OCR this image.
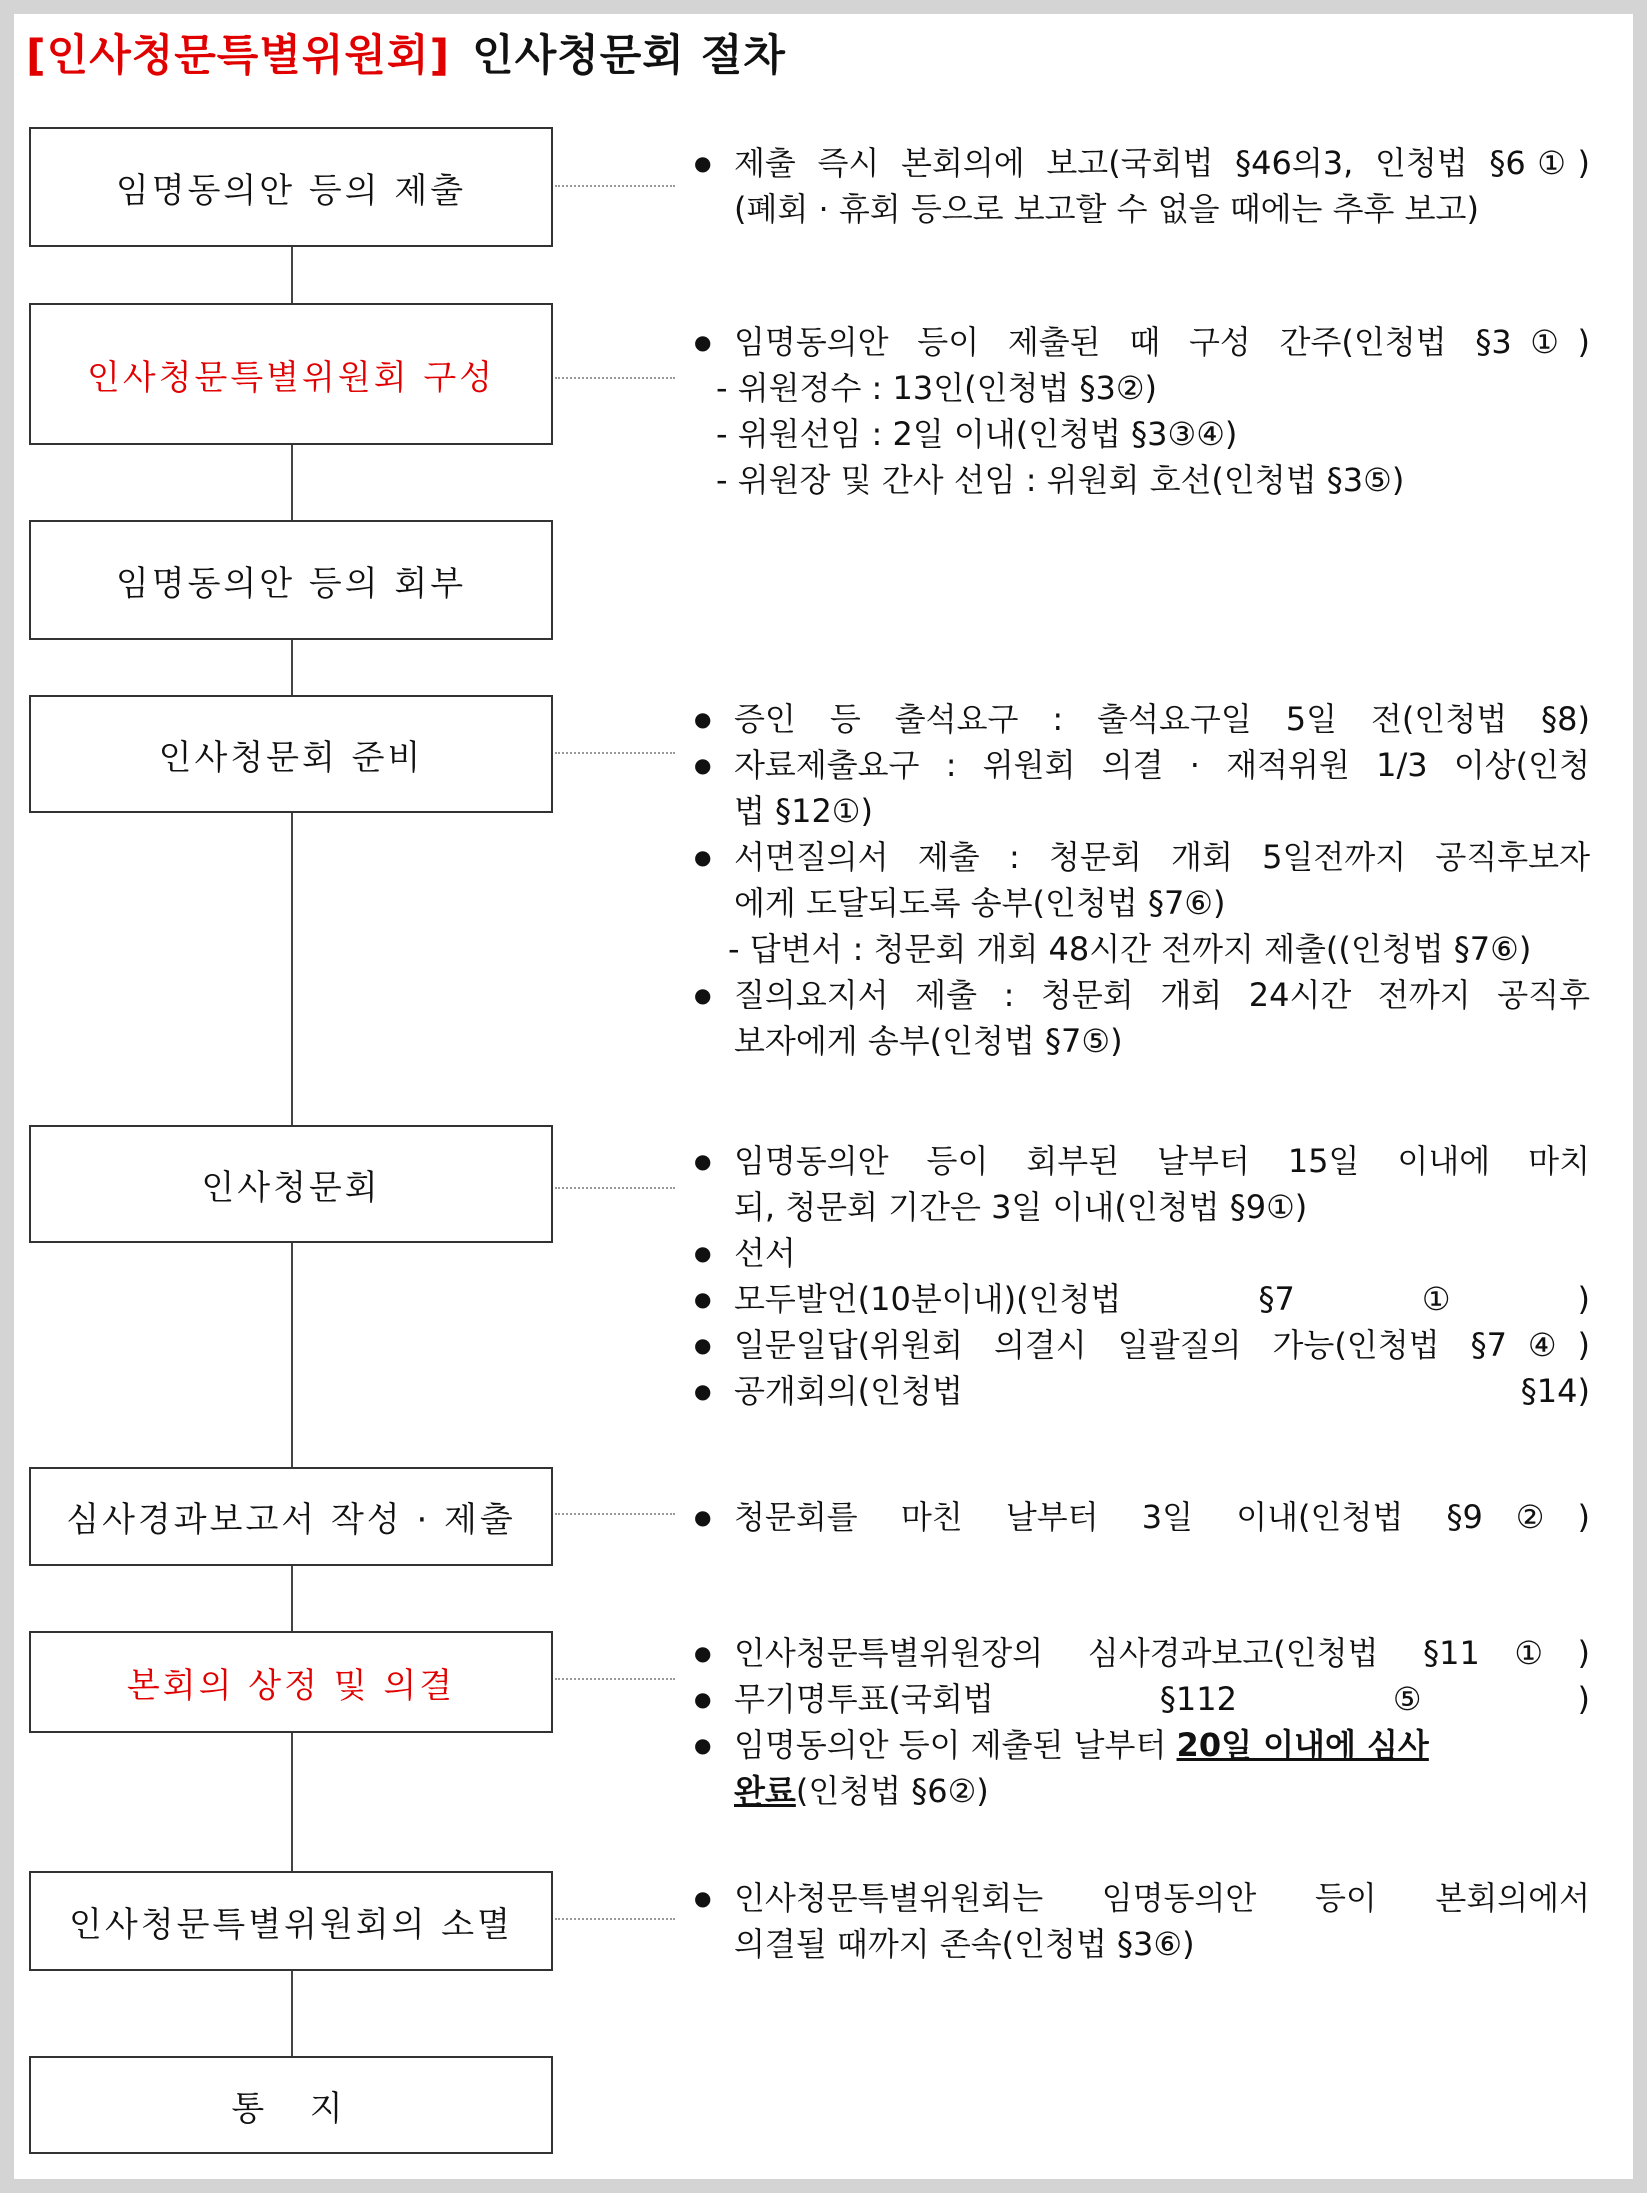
[인사청문특별위원회] 인사청문회 절차
임명동의안 등의 제출
● 제출 즉시 본회의에 보고(국회법 §46의3, 인청법 §6①)
(폐회 · 휴회 등으로 보고할 수 없을 때에는 추후 보고)
인사청문특별위원회 구성
● 임명동의안 등이 제출된 때 구성 간주(인청법 §3①)
- 위원정수 : 13인(인청법 §3②)
- 위원선임 : 2일 이내(인청법 §3③④)
- 위원장 및 간사 선임 : 위원회 호선(인청법 §3⑤)
임명동의안 등의 회부
인사청문회 준비
● 증인 등 출석요구 : 출석요구일 5일 전(인청법 §8)
● 자료제출요구 : 위원회 의결 · 재적위원 1/3 이상(인청
법 §12①)
● 서면질의서 제출 : 청문회 개회 5일전까지 공직후보자
에게 도달되도록 송부(인청법 §7⑥)
- 답변서 : 청문회 개회 48시간 전까지 제출((인청법 §7⑥)
● 질의요지서 제출 : 청문회 개회 24시간 전까지 공직후
보자에게 송부(인청법 §7⑤)
인사청문회
● 임명동의안 등이 회부된 날부터 15일 이내에 마치
되, 청문회 기간은 3일 이내(인청법 §9①)
● 선서
● 모두발언(10분이내)(인청법 §7①)
● 일문일답(위원회 의결시 일괄질의 가능(인청법 §7④)
● 공개회의(인청법 §14)
심사경과보고서 작성 · 제출
●	청문회를 마친 날부터 3일 이내(인청법 §9②)
본회의 상정 및 의결
● 인사청문특별위원장의 심사경과보고(인청법 §11①)
● 무기명투표(국회법 §112⑤)
● 임명동의안 등이 제출된 날부터 20일 이내에 심사
완료(인청법 §6②)
인사청문특별위원회의 소멸
● 인사청문특별위원회는 임명동의안 등이 본회의에서
의결될 때까지 존속(인청법 §3⑥)
통  지
